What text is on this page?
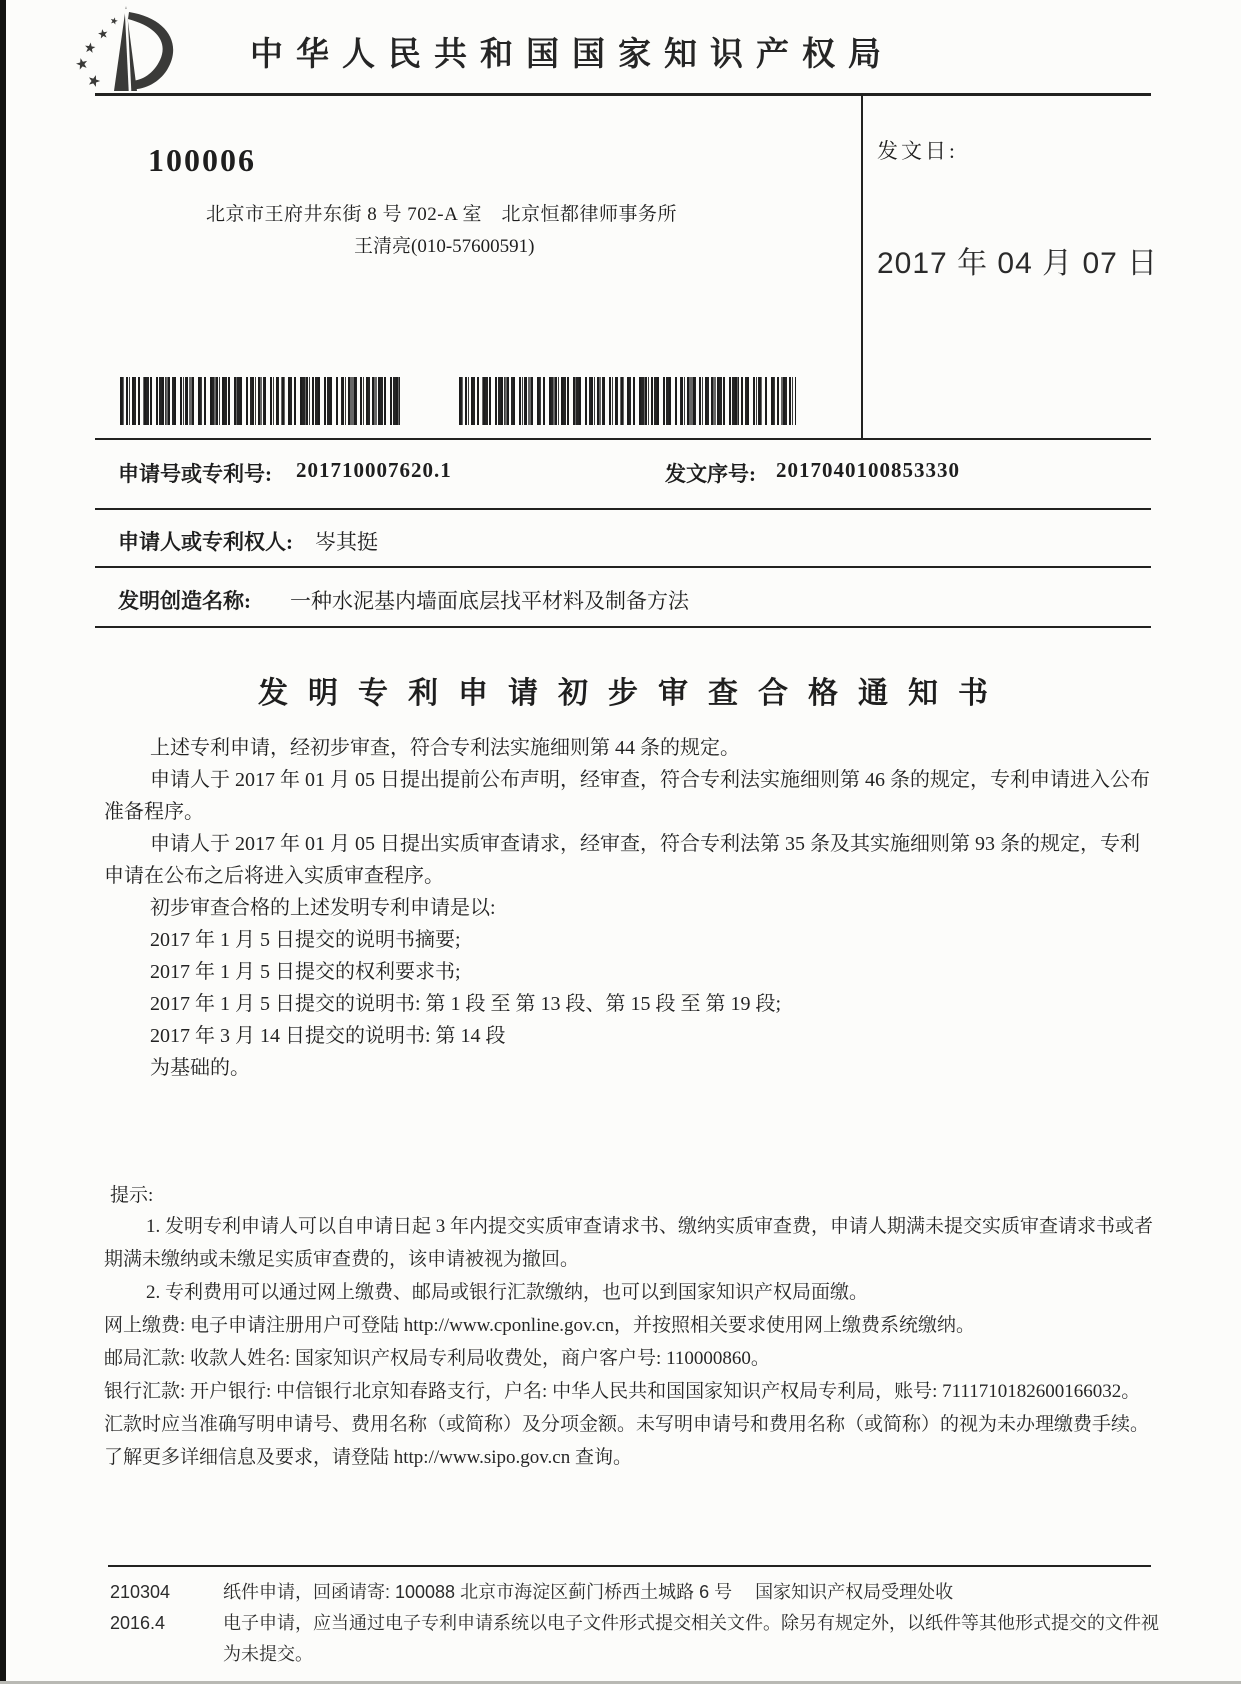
中华人民共和国国家知识产权局
100006
北京市王府井东街 8 号 702-A 室　北京恒都律师事务所
王清亮(010-57600591)
发文日:
2017 年 04 月 07 日
申请号或专利号: 201710007620.1	发文序号: 2017040100853330
申请人或专利权人: 岑其挺
发明创造名称: 一种水泥基内墙面底层找平材料及制备方法
发明专利申请初步审查合格通知书

上述专利申请，经初步审查，符合专利法实施细则第 44 条的规定。

申请人于 2017 年 01 月 05 日提出提前公布声明，经审查，符合专利法实施细则第 46 条的规定，专利申请进入公布准备程序。

申请人于 2017 年 01 月 05 日提出实质审查请求，经审查，符合专利法第 35 条及其实施细则第 93 条的规定，专利申请在公布之后将进入实质审查程序。

初步审查合格的上述发明专利申请是以:

2017 年 1 月 5 日提交的说明书摘要;

2017 年 1 月 5 日提交的权利要求书;

2017 年 1 月 5 日提交的说明书: 第 1 段 至 第 13 段、第 15 段 至 第 19 段;

2017 年 3 月 14 日提交的说明书: 第 14 段

为基础的。

提示:

1. 发明专利申请人可以自申请日起 3 年内提交实质审查请求书、缴纳实质审查费，申请人期满未提交实质审查请求书或者期满未缴纳或未缴足实质审查费的，该申请被视为撤回。

2. 专利费用可以通过网上缴费、邮局或银行汇款缴纳，也可以到国家知识产权局面缴。

网上缴费: 电子申请注册用户可登陆 http://www.cponline.gov.cn，并按照相关要求使用网上缴费系统缴纳。

邮局汇款: 收款人姓名: 国家知识产权局专利局收费处，商户客户号: 110000860。

银行汇款: 开户银行: 中信银行北京知春路支行，户名: 中华人民共和国国家知识产权局专利局，账号: 7111710182600166032。

汇款时应当准确写明申请号、费用名称（或简称）及分项金额。未写明申请号和费用名称（或简称）的视为未办理缴费手续。

了解更多详细信息及要求，请登陆 http://www.sipo.gov.cn 查询。

210304
2016.4

纸件申请，回函请寄: 100088 北京市海淀区蓟门桥西土城路 6 号　 国家知识产权局受理处收

电子申请，应当通过电子专利申请系统以电子文件形式提交相关文件。除另有规定外，以纸件等其他形式提交的文件视为未提交。
